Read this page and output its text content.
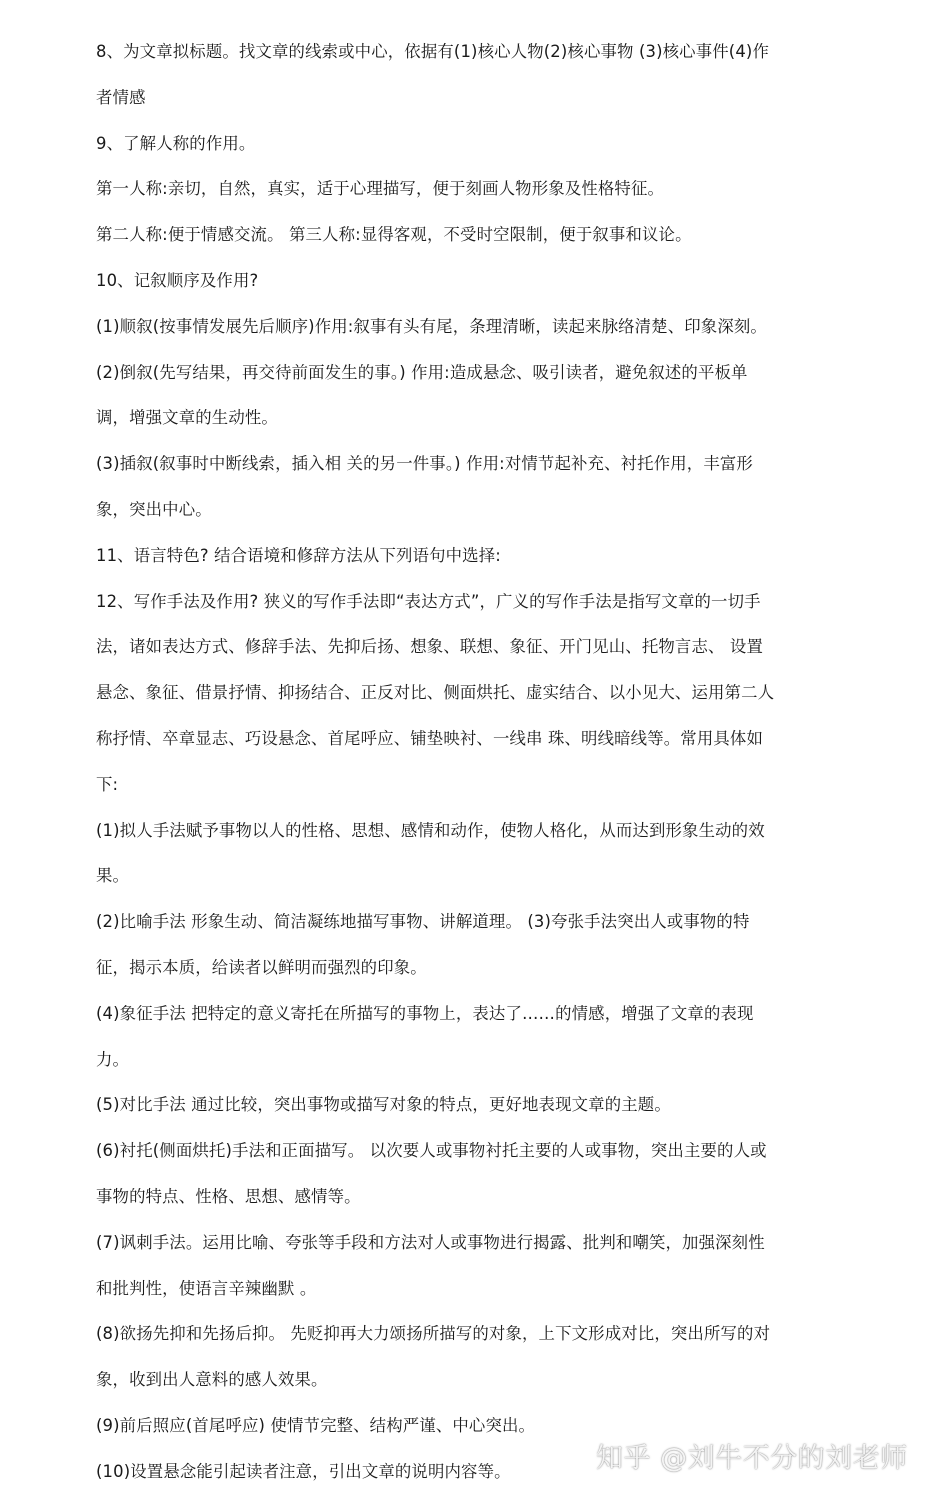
8、为文章拟标题。找文章的线索或中心，依据有(1)核心人物(2)核心事物 (3)核心事件(4)作
者情感
9、了解人称的作用。
第一人称:亲切，自然，真实，适于心理描写，便于刻画人物形象及性格特征。
第二人称:便于情感交流。 第三人称:显得客观，不受时空限制，便于叙事和议论。
10、记叙顺序及作用?
(1)顺叙(按事情发展先后顺序)作用:叙事有头有尾，条理清晰，读起来脉络清楚、印象深刻。
(2)倒叙(先写结果，再交待前面发生的事。) 作用:造成悬念、吸引读者，避免叙述的平板单
调，增强文章的生动性。
(3)插叙(叙事时中断线索，插入相 关的另一件事。) 作用:对情节起补充、衬托作用，丰富形
象，突出中心。
11、语言特色? 结合语境和修辞方法从下列语句中选择:
12、写作手法及作用? 狭义的写作手法即“表达方式”，广义的写作手法是指写文章的一切手
法，诸如表达方式、修辞手法、先抑后扬、想象、联想、象征、开门见山、托物言志、 设置
悬念、象征、借景抒情、抑扬结合、正反对比、侧面烘托、虚实结合、以小见大、运用第二人
称抒情、卒章显志、巧设悬念、首尾呼应、铺垫映衬、一线串 珠、明线暗线等。常用具体如
下:
(1)拟人手法赋予事物以人的性格、思想、感情和动作，使物人格化，从而达到形象生动的效
果。
(2)比喻手法 形象生动、简洁凝练地描写事物、讲解道理。 (3)夸张手法突出人或事物的特
征，揭示本质，给读者以鲜明而强烈的印象。
(4)象征手法 把特定的意义寄托在所描写的事物上，表达了……的情感，增强了文章的表现
力。
(5)对比手法 通过比较，突出事物或描写对象的特点，更好地表现文章的主题。
(6)衬托(侧面烘托)手法和正面描写。 以次要人或事物衬托主要的人或事物，突出主要的人或
事物的特点、性格、思想、感情等。
(7)讽刺手法。运用比喻、夸张等手段和方法对人或事物进行揭露、批判和嘲笑，加强深刻性
和批判性，使语言辛辣幽默 。
(8)欲扬先抑和先扬后抑。 先贬抑再大力颂扬所描写的对象，上下文形成对比，突出所写的对
象，收到出人意料的感人效果。
(9)前后照应(首尾呼应) 使情节完整、结构严谨、中心突出。
(10)设置悬念能引起读者注意，引出文章的说明内容等。	知乎 @刘牛不分的刘老师
